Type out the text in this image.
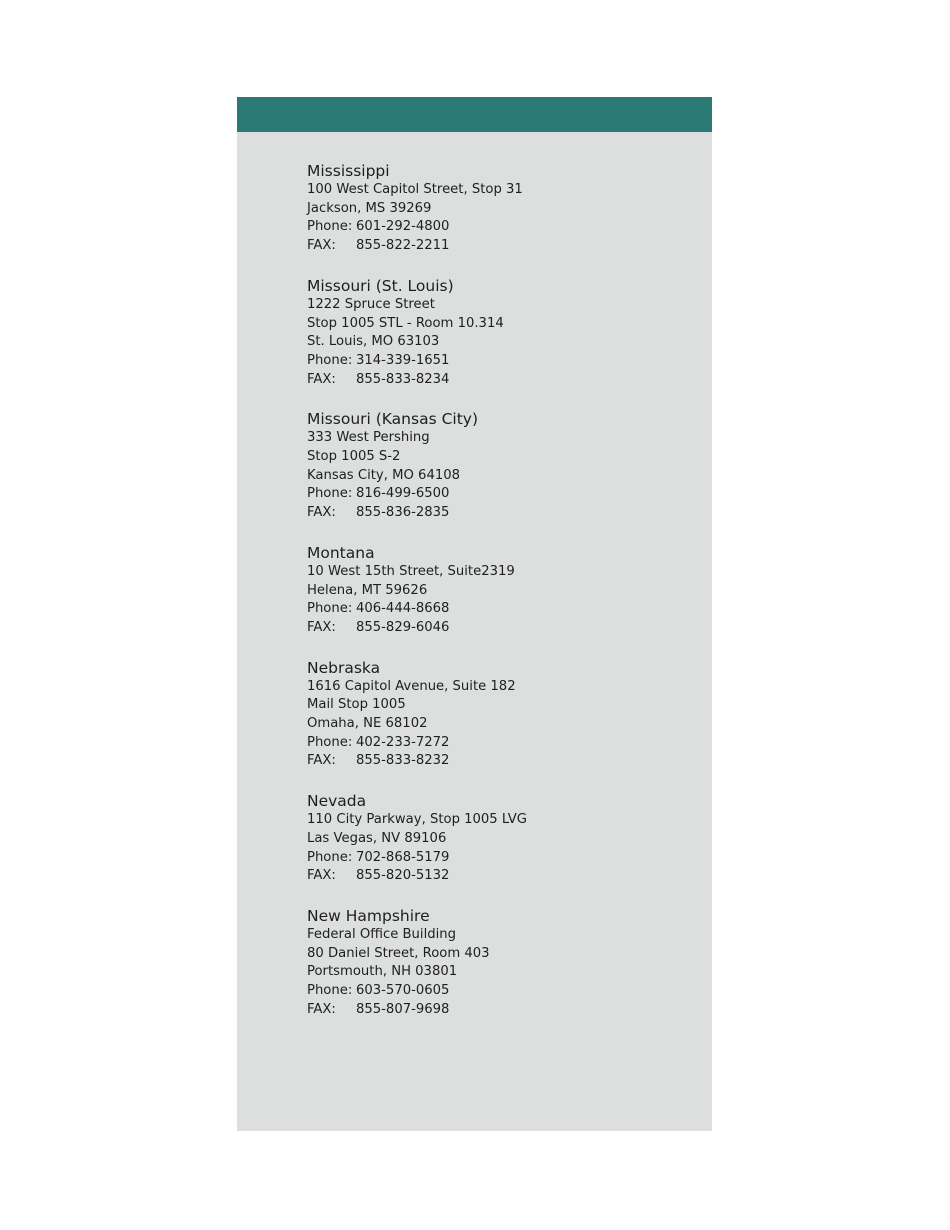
Mississippi
100 West Capitol Street, Stop 31
Jackson, MS 39269
Phone: 601-292-4800
FAX: 855-822-2211
Missouri (St. Louis)
1222 Spruce Street
Stop 1005 STL - Room 10.314
St. Louis, MO 63103
Phone: 314-339-1651
FAX: 855-833-8234
Missouri (Kansas City)
333 West Pershing
Stop 1005 S-2
Kansas City, MO 64108
Phone: 816-499-6500
FAX: 855-836-2835
Montana
10 West 15th Street, Suite2319
Helena, MT 59626
Phone: 406-444-8668
FAX: 855-829-6046
Nebraska
1616 Capitol Avenue, Suite 182
Mail Stop 1005
Omaha, NE 68102
Phone: 402-233-7272
FAX: 855-833-8232
Nevada
110 City Parkway, Stop 1005 LVG
Las Vegas, NV 89106
Phone: 702-868-5179
FAX: 855-820-5132
New Hampshire
Federal Office Building
80 Daniel Street, Room 403
Portsmouth, NH 03801
Phone: 603-570-0605
FAX: 855-807-9698
